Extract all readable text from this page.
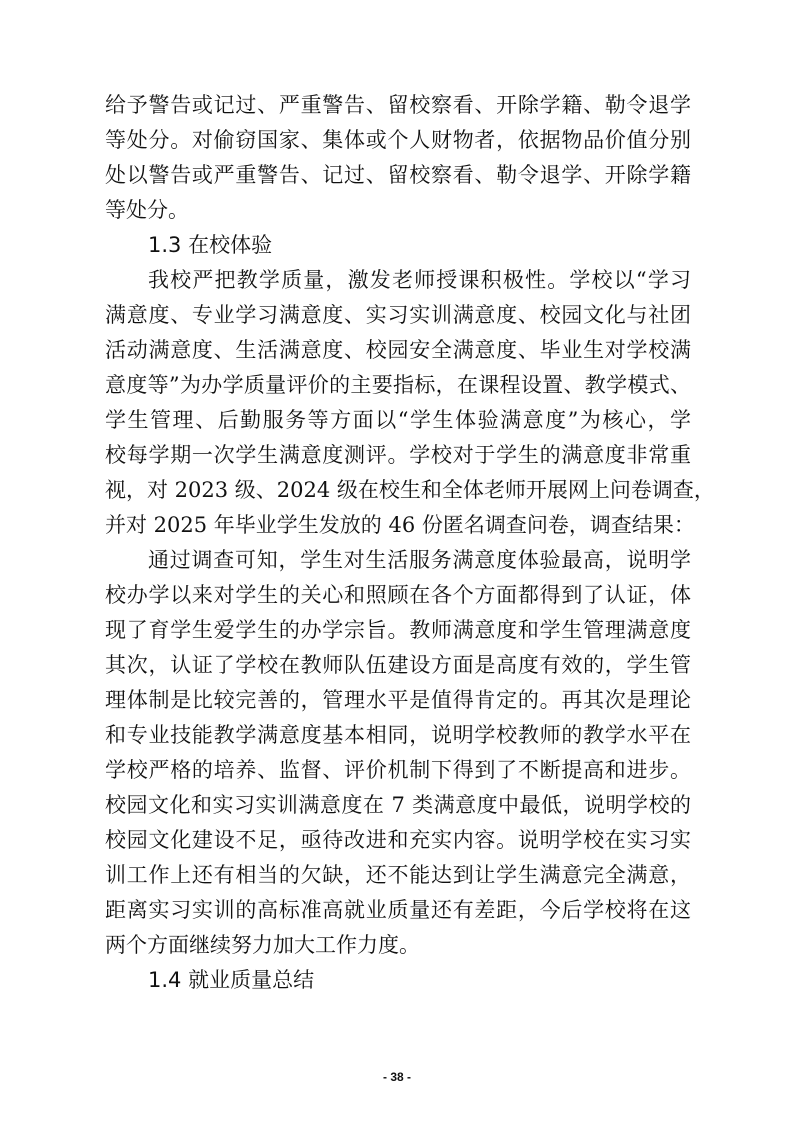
给予警告或记过、严重警告、留校察看、开除学籍、勒令退学
等处分。对偷窃国家、集体或个人财物者，依据物品价值分别
处以警告或严重警告、记过、留校察看、勒令退学、开除学籍
等处分。
1.3 在校体验
我校严把教学质量，激发老师授课积极性。学校以“学习
满意度、专业学习满意度、实习实训满意度、校园文化与社团
活动满意度、生活满意度、校园安全满意度、毕业生对学校满
意度等”为办学质量评价的主要指标，在课程设置、教学模式、
学生管理、后勤服务等方面以“学生体验满意度”为核心，学
校每学期一次学生满意度测评。学校对于学生的满意度非常重
视，对 2023 级、2024 级在校生和全体老师开展网上问卷调查，
并对 2025 年毕业学生发放的 46 份匿名调查问卷，调查结果：
通过调查可知，学生对生活服务满意度体验最高，说明学
校办学以来对学生的关心和照顾在各个方面都得到了认证，体
现了育学生爱学生的办学宗旨。教师满意度和学生管理满意度
其次，认证了学校在教师队伍建设方面是高度有效的，学生管
理体制是比较完善的，管理水平是值得肯定的。再其次是理论
和专业技能教学满意度基本相同，说明学校教师的教学水平在
学校严格的培养、监督、评价机制下得到了不断提高和进步。
校园文化和实习实训满意度在 7 类满意度中最低，说明学校的
校园文化建设不足，亟待改进和充实内容。说明学校在实习实
训工作上还有相当的欠缺，还不能达到让学生满意完全满意，
距离实习实训的高标准高就业质量还有差距，今后学校将在这
两个方面继续努力加大工作力度。
1.4 就业质量总结
- 38 -
